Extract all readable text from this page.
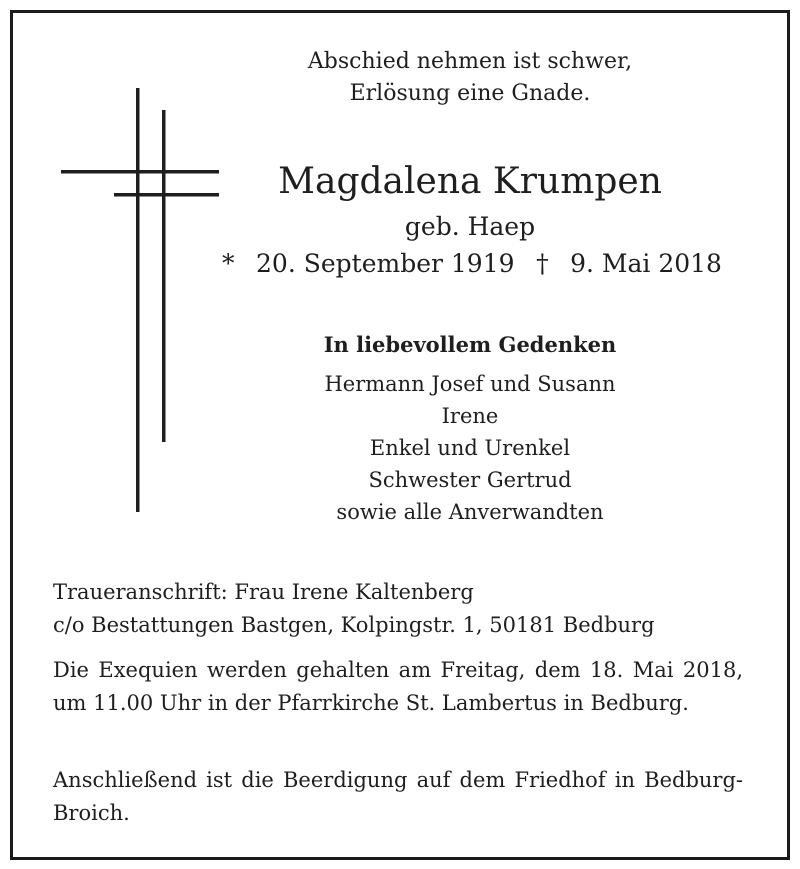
Abschied nehmen ist schwer,
Erlösung eine Gnade.
Magdalena Krumpen
geb. Haep
* 20. September 1919 † 9. Mai 2018
In liebevollem Gedenken
Hermann Josef und Susann
Irene
Enkel und Urenkel
Schwester Gertrud
sowie alle Anverwandten
Traueranschrift: Frau Irene Kaltenberg
c/o Bestattungen Bastgen, Kolpingstr. 1, 50181 Bedburg
Die Exequien werden gehalten am Freitag, dem 18. Mai 2018, um 11.00 Uhr in der Pfarrkirche St. Lambertus in Bedburg.
Anschließend ist die Beerdigung auf dem Friedhof in Bedburg-Broich.
